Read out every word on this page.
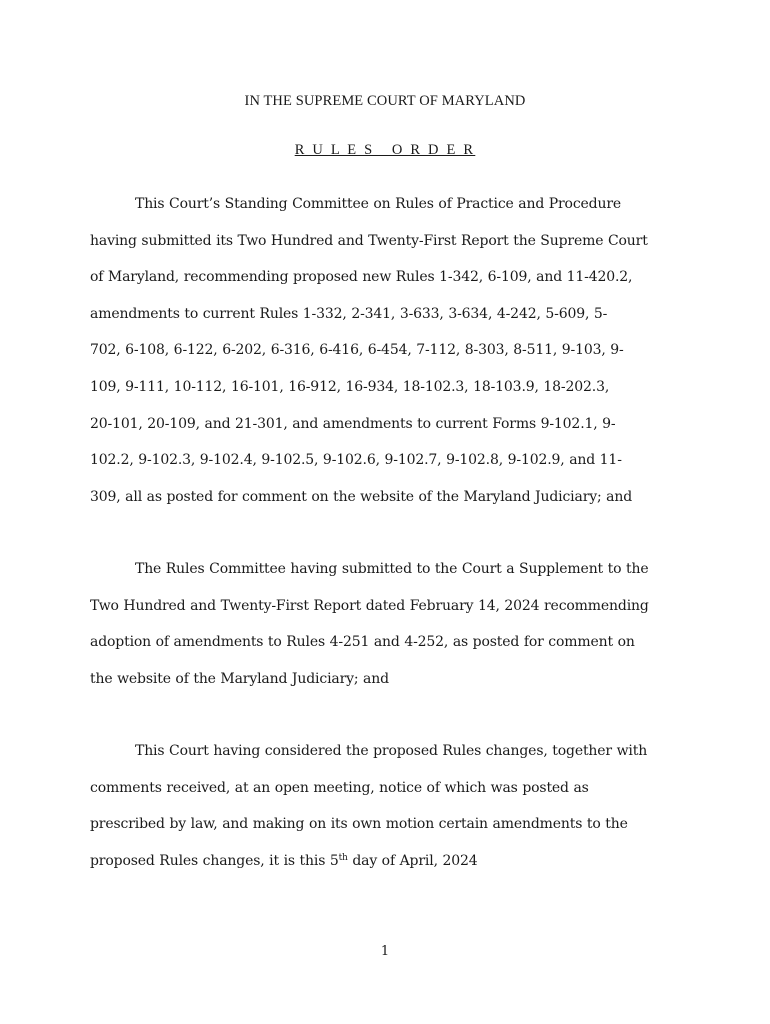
IN THE SUPREME COURT OF MARYLAND
R U L E S   O R D E R

This Court’s Standing Committee on Rules of Practice and Procedure
having submitted its Two Hundred and Twenty-First Report the Supreme Court
of Maryland, recommending proposed new Rules 1-342, 6-109, and 11-420.2,
amendments to current Rules 1-332, 2-341, 3-633, 3-634, 4-242, 5-609, 5-
702, 6-108, 6-122, 6-202, 6-316, 6-416, 6-454, 7-112, 8-303, 8-511, 9-103, 9-
109, 9-111, 10-112, 16-101, 16-912, 16-934, 18-102.3, 18-103.9, 18-202.3,
20-101, 20-109, and 21-301, and amendments to current Forms 9-102.1, 9-
102.2, 9-102.3, 9-102.4, 9-102.5, 9-102.6, 9-102.7, 9-102.8, 9-102.9, and 11-
309, all as posted for comment on the website of the Maryland Judiciary; and

The Rules Committee having submitted to the Court a Supplement to the
Two Hundred and Twenty-First Report dated February 14, 2024 recommending
adoption of amendments to Rules 4-251 and 4-252, as posted for comment on
the website of the Maryland Judiciary; and

This Court having considered the proposed Rules changes, together with
comments received, at an open meeting, notice of which was posted as
prescribed by law, and making on its own motion certain amendments to the
proposed Rules changes, it is this 5th day of April, 2024

1
